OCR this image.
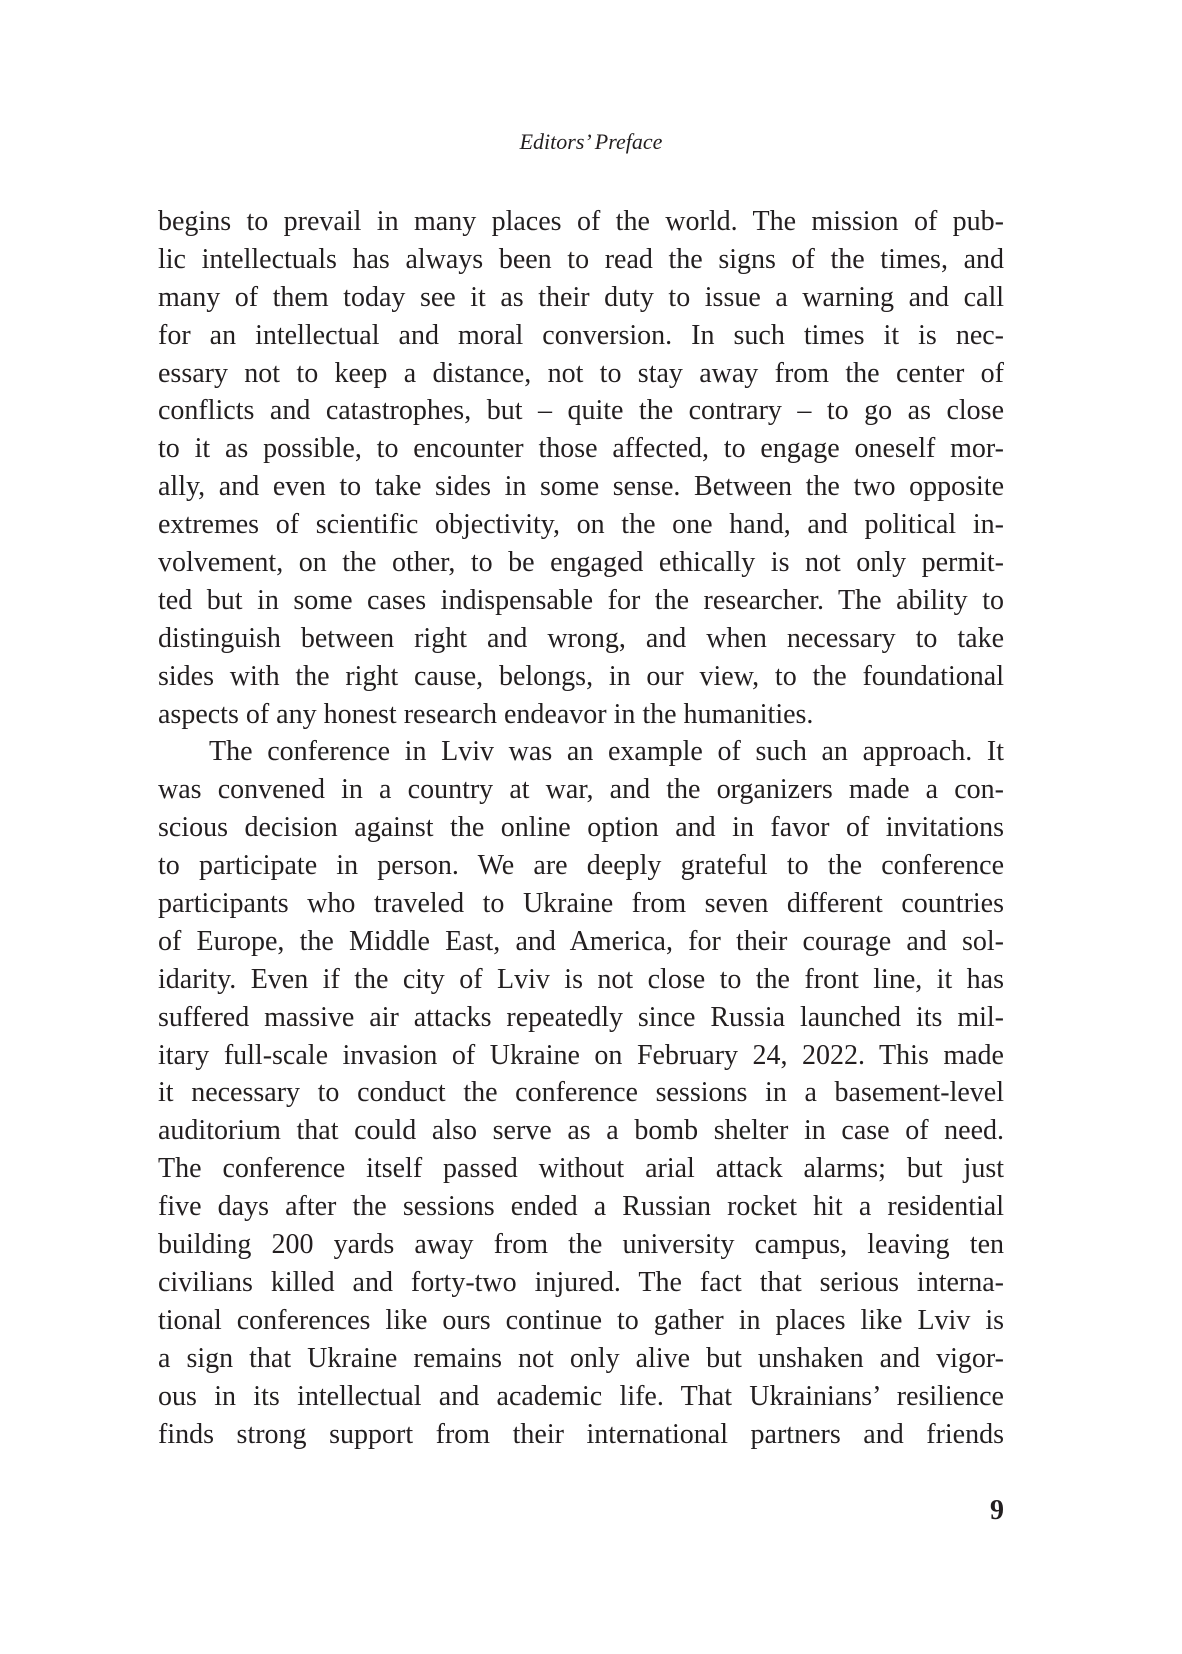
Editors’ Preface
begins to prevail in many places of the world. The mission of pub-
lic intellectuals has always been to read the signs of the times, and
many of them today see it as their duty to issue a warning and call
for an intellectual and moral conversion. In such times it is nec-
essary not to keep a distance, not to stay away from the center of
conflicts and catastrophes, but – quite the contrary – to go as close
to it as possible, to encounter those affected, to engage oneself mor-
ally, and even to take sides in some sense. Between the two opposite
extremes of scientific objectivity, on the one hand, and political in-
volvement, on the other, to be engaged ethically is not only permit-
ted but in some cases indispensable for the researcher. The ability to
distinguish between right and wrong, and when necessary to take
sides with the right cause, belongs, in our view, to the foundational
aspects of any honest research endeavor in the humanities.
The conference in Lviv was an example of such an approach. It
was convened in a country at war, and the organizers made a con-
scious decision against the online option and in favor of invitations
to participate in person. We are deeply grateful to the conference
participants who traveled to Ukraine from seven different countries
of Europe, the Middle East, and America, for their courage and sol-
idarity. Even if the city of Lviv is not close to the front line, it has
suffered massive air attacks repeatedly since Russia launched its mil-
itary full-scale invasion of Ukraine on February 24, 2022. This made
it necessary to conduct the conference sessions in a basement-level
auditorium that could also serve as a bomb shelter in case of need.
The conference itself passed without arial attack alarms; but just
five days after the sessions ended a Russian rocket hit a residential
building 200 yards away from the university campus, leaving ten
civilians killed and forty-two injured. The fact that serious interna-
tional conferences like ours continue to gather in places like Lviv is
a sign that Ukraine remains not only alive but unshaken and vigor-
ous in its intellectual and academic life. That Ukrainians’ resilience
finds strong support from their international partners and friends
9
